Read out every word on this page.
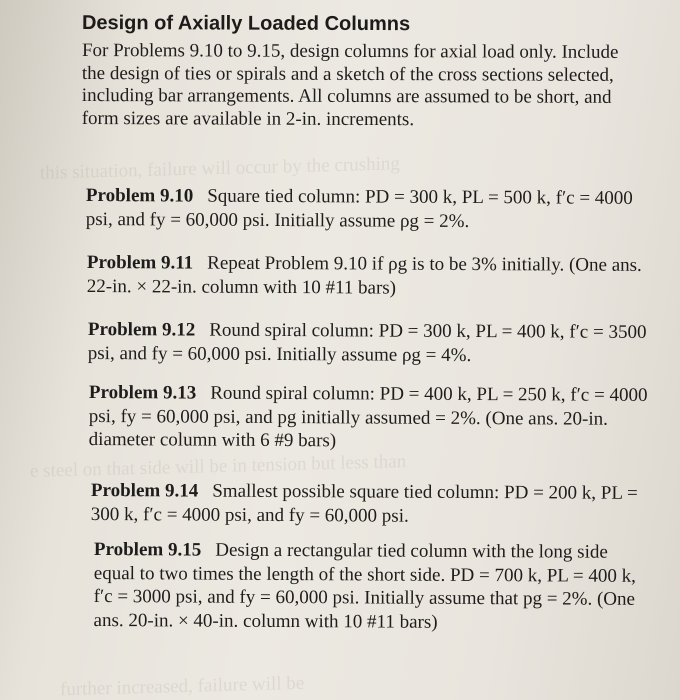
this situation, failure will occur by the crushing
e steel on that side will be in tension but less than
further increased, failure will be
Design of Axially Loaded Columns

For Problems 9.10 to 9.15, design columns for axial load only. Include the design of ties or spirals and a sketch of the cross sections selected, including bar arrangements. All columns are assumed to be short, and form sizes are available in 2-in. increments.

Problem 9.10 Square tied column: PD = 300 k, PL = 500 k, f′c = 4000 psi, and fy = 60,000 psi. Initially assume ρg = 2%.
Problem 9.11 Repeat Problem 9.10 if ρg is to be 3% initially. (One ans. 22-in. × 22-in. column with 10 #11 bars)
Problem 9.12 Round spiral column: PD = 300 k, PL = 400 k, f′c = 3500 psi, and fy = 60,000 psi. Initially assume ρg = 4%.
Problem 9.13 Round spiral column: PD = 400 k, PL = 250 k, f′c = 4000 psi, fy = 60,000 psi, and pg initially assumed = 2%. (One ans. 20-in. diameter column with 6 #9 bars)
Problem 9.14 Smallest possible square tied column: PD = 200 k, PL = 300 k, f′c = 4000 psi, and fy = 60,000 psi.
Problem 9.15 Design a rectangular tied column with the long side equal to two times the length of the short side. PD = 700 k, PL = 400 k, f′c = 3000 psi, and fy = 60,000 psi. Initially assume that pg = 2%. (One ans. 20-in. × 40-in. column with 10 #11 bars)
